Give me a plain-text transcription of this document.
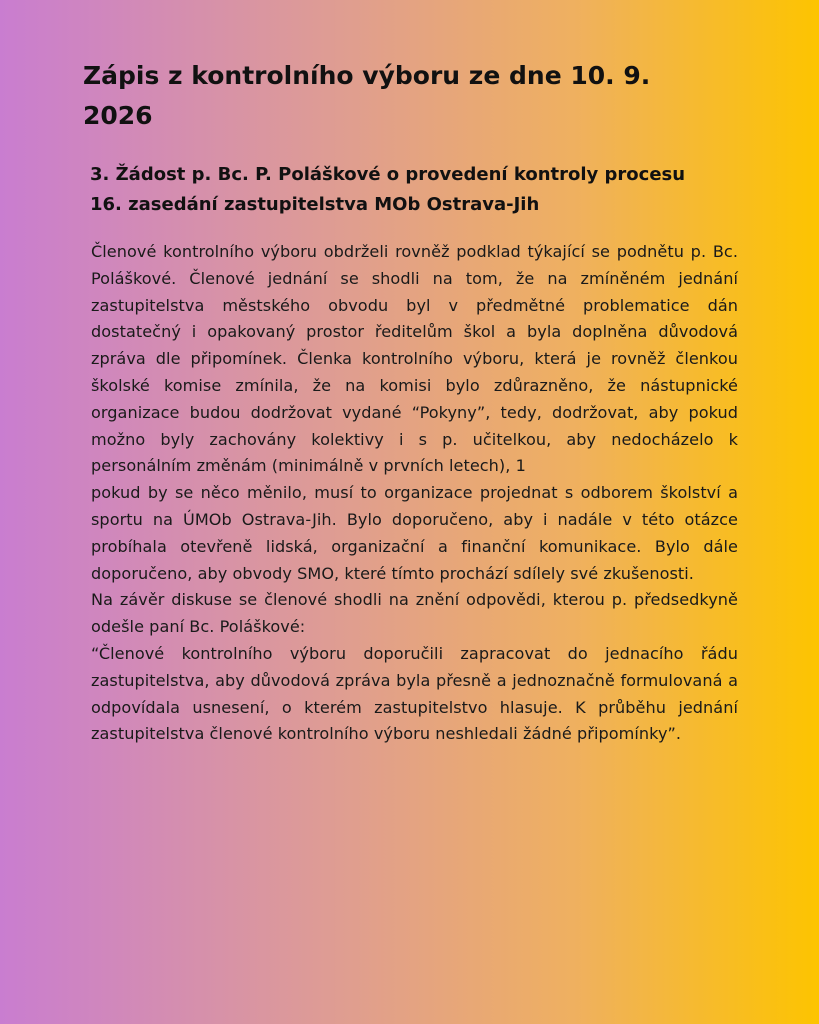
Zápis z kontrolního výboru ze dne 10. 9. 2026
3. Žádost p. Bc. P. Poláškové o provedení kontroly procesu 16. zasedání zastupitelstva MOb Ostrava-Jih

Členové kontrolního výboru obdrželi rovněž podklad týkající se podnětu p. Bc. Poláškové. Členové jednání se shodli na tom, že na zmíněném jednání zastupitelstva městského obvodu byl v předmětné problematice dán dostatečný i opakovaný prostor ředitelům škol a byla doplněna důvodová zpráva dle připomínek. Členka kontrolního výboru, která je rovněž členkou školské komise zmínila, že na komisi bylo zdůrazněno, že nástupnické organizace budou dodržovat vydané “Pokyny”, tedy, dodržovat, aby pokud možno byly zachovány kolektivy i s p. učitelkou, aby nedocházelo k personálním změnám (minimálně v prvních letech), 1

pokud by se něco měnilo, musí to organizace projednat s odborem školství a sportu na ÚMOb Ostrava-Jih. Bylo doporučeno, aby i nadále v této otázce probíhala otevřeně lidská, organizační a finanční komunikace. Bylo dále doporučeno, aby obvody SMO, které tímto prochází sdílely své zkušenosti.

Na závěr diskuse se členové shodli na znění odpovědi, kterou p. předsedkyně odešle paní Bc. Poláškové:

“Členové kontrolního výboru doporučili zapracovat do jednacího řádu zastupitelstva, aby důvodová zpráva byla přesně a jednoznačně formulovaná a odpovídala usnesení, o kterém zastupitelstvo hlasuje. K průběhu jednání zastupitelstva členové kontrolního výboru neshledali žádné připomínky”.
